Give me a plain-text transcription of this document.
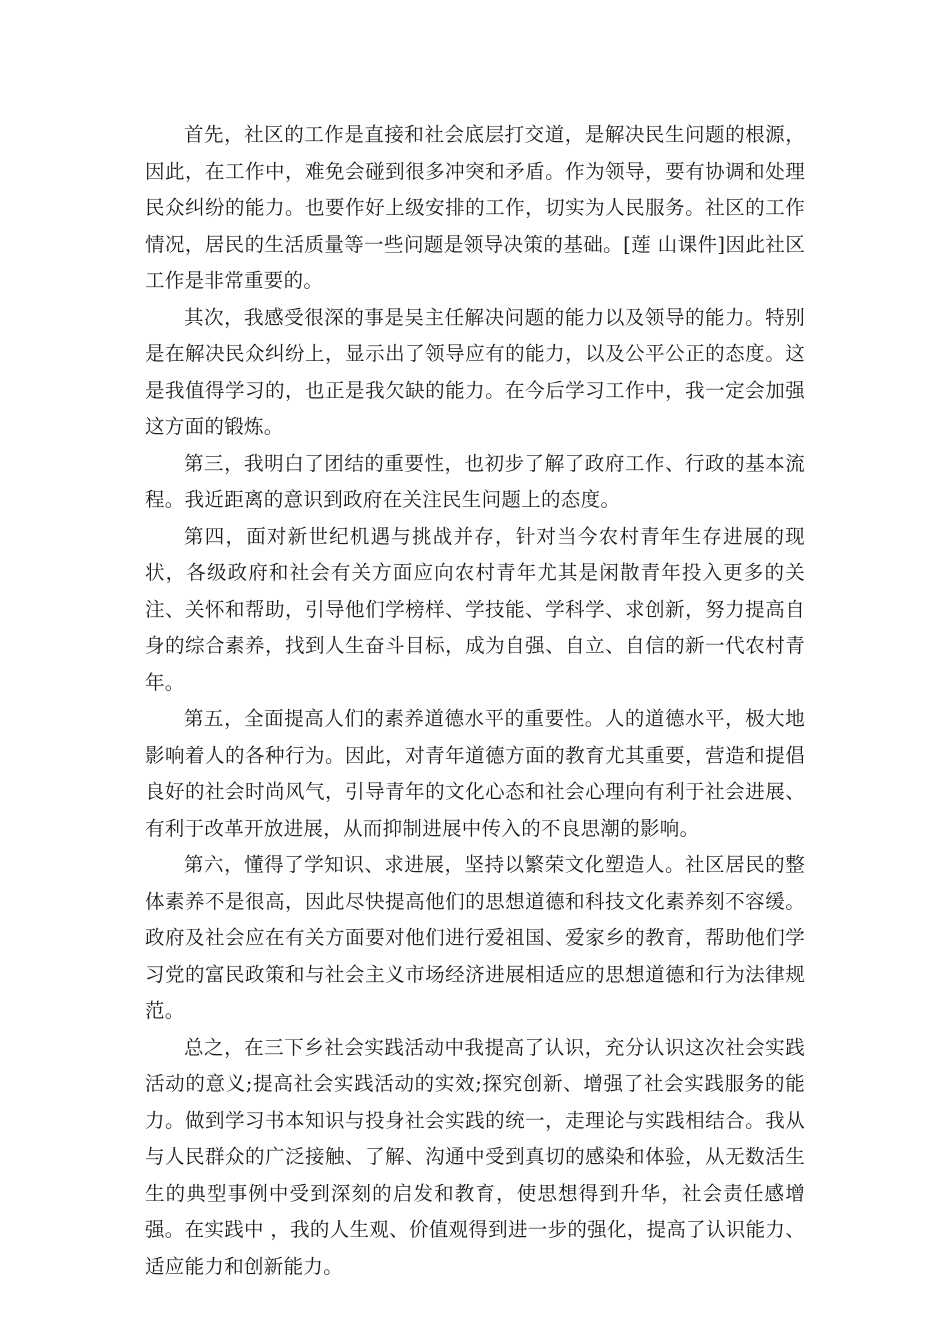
首先，社区的工作是直接和社会底层打交道，是解决民生问题的根源，因此，在工作中，难免会碰到很多冲突和矛盾。作为领导，要有协调和处理民众纠纷的能力。也要作好上级安排的工作，切实为人民服务。社区的工作情况，居民的生活质量等一些问题是领导决策的基础。[莲 山课件]因此社区工作是非常重要的。

其次，我感受很深的事是吴主任解决问题的能力以及领导的能力。特别是在解决民众纠纷上，显示出了领导应有的能力，以及公平公正的态度。这是我值得学习的，也正是我欠缺的能力。在今后学习工作中，我一定会加强这方面的锻炼。

第三，我明白了团结的重要性，也初步了解了政府工作、行政的基本流程。我近距离的意识到政府在关注民生问题上的态度。

第四，面对新世纪机遇与挑战并存，针对当今农村青年生存进展的现状，各级政府和社会有关方面应向农村青年尤其是闲散青年投入更多的关注、关怀和帮助，引导他们学榜样、学技能、学科学、求创新，努力提高自身的综合素养，找到人生奋斗目标，成为自强、自立、自信的新一代农村青年。

第五，全面提高人们的素养道德水平的重要性。人的道德水平，极大地影响着人的各种行为。因此，对青年道德方面的教育尤其重要，营造和提倡良好的社会时尚风气，引导青年的文化心态和社会心理向有利于社会进展、有利于改革开放进展，从而抑制进展中传入的不良思潮的影响。

第六，懂得了学知识、求进展，坚持以繁荣文化塑造人。社区居民的整体素养不是很高，因此尽快提高他们的思想道德和科技文化素养刻不容缓。政府及社会应在有关方面要对他们进行爱祖国、爱家乡的教育，帮助他们学习党的富民政策和与社会主义市场经济进展相适应的思想道德和行为法律规范。

总之，在三下乡社会实践活动中我提高了认识，充分认识这次社会实践活动的意义;提高社会实践活动的实效;探究创新、增强了社会实践服务的能力。做到学习书本知识与投身社会实践的统一，走理论与实践相结合。我从与人民群众的广泛接触、了解、沟通中受到真切的感染和体验，从无数活生生的典型事例中受到深刻的启发和教育，使思想得到升华，社会责任感增强。在实践中 ，我的人生观、价值观得到进一步的强化，提高了认识能力、适应能力和创新能力。
